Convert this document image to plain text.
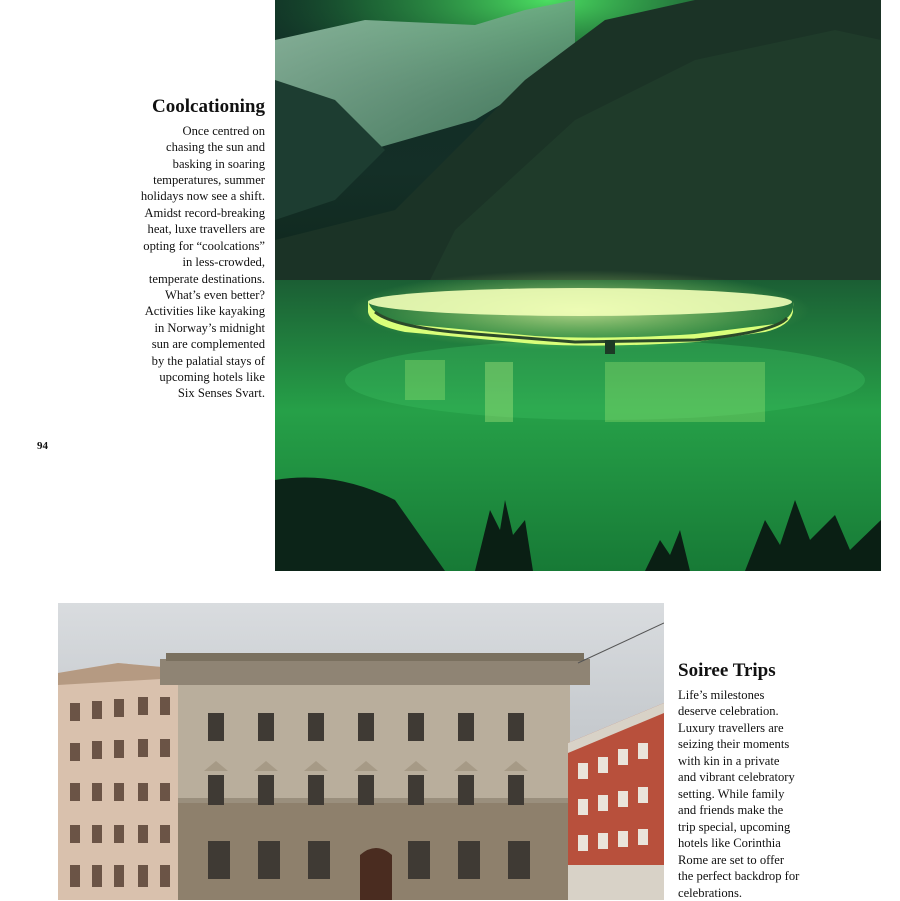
Coolcationing

Once centred on
chasing the sun and
basking in soaring
temperatures, summer
holidays now see a shift.
Amidst record-breaking
heat, luxe travellers are
opting for “coolcations”
in less-crowded,
temperate destinations.
What’s even better?
Activities like kayaking
in Norway’s midnight
sun are complemented
by the palatial stays of
upcoming hotels like
Six Senses Svart.

94
Soiree Trips

Life’s milestones
deserve celebration.
Luxury travellers are
seizing their moments
with kin in a private
and vibrant celebratory
setting. While family
and friends make the
trip special, upcoming
hotels like Corinthia
Rome are set to offer
the perfect backdrop for
celebrations.
